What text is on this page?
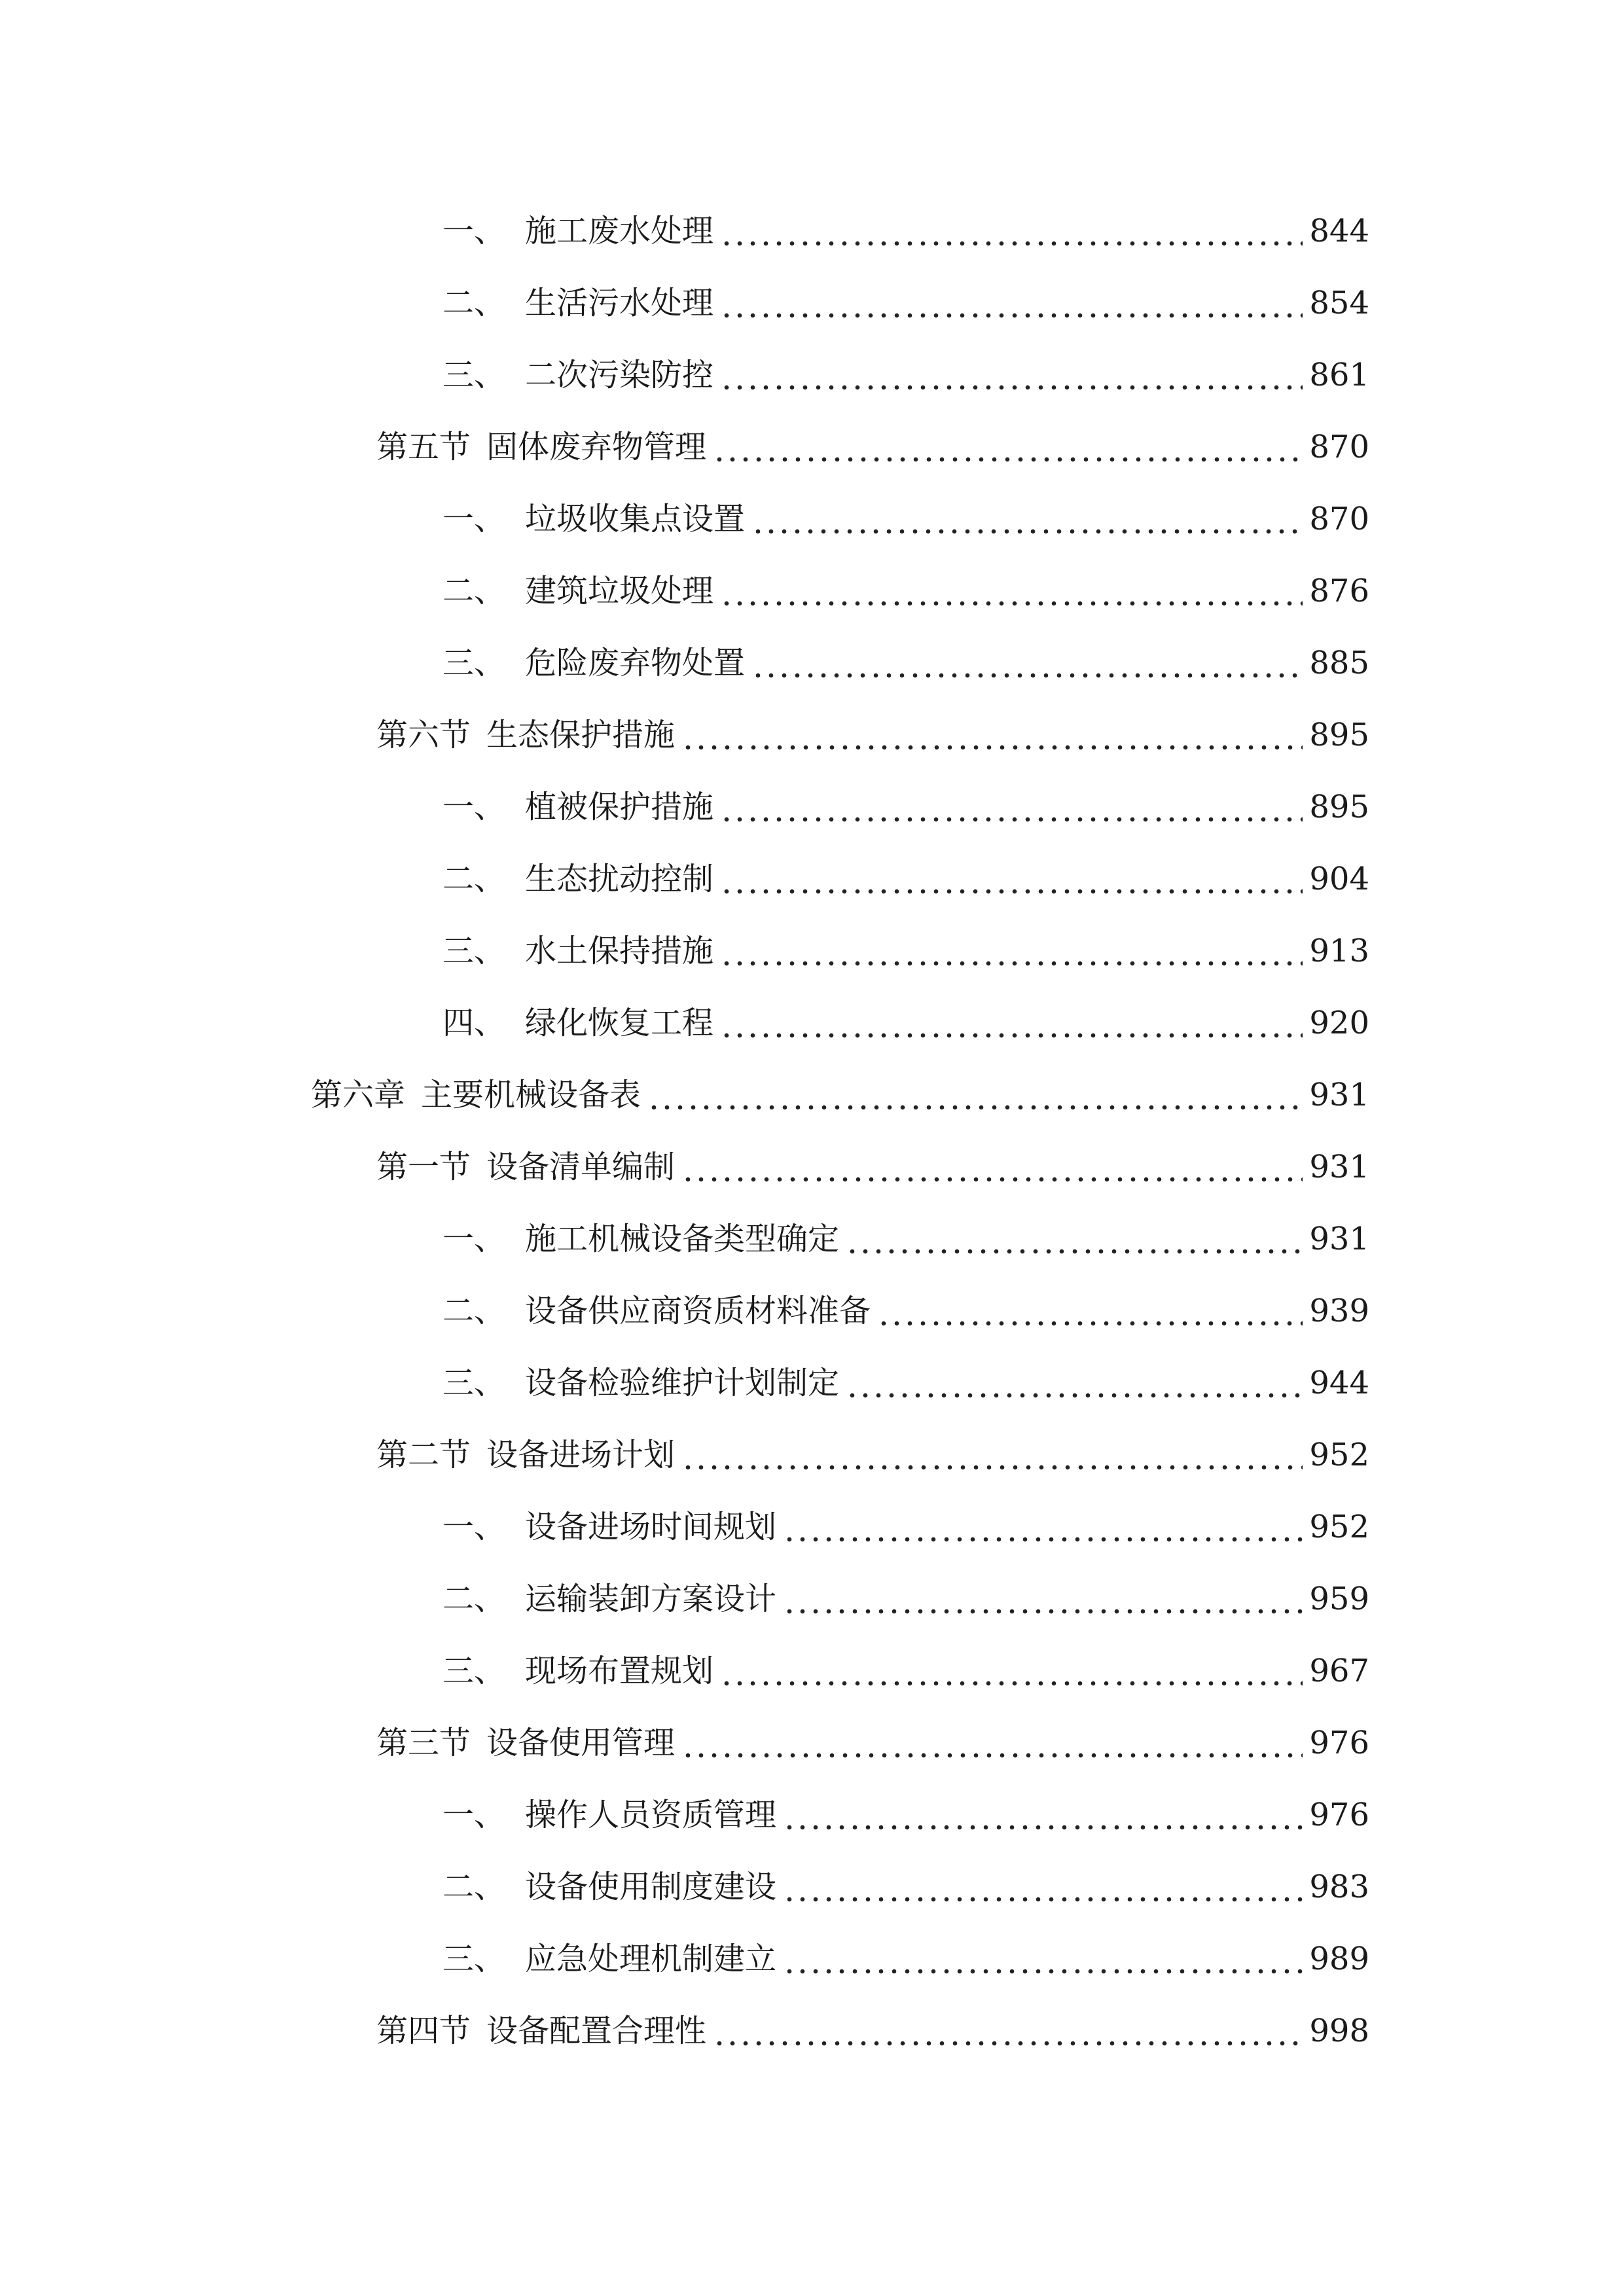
一、 施工废水处理	844
二、 生活污水处理	854
三、 二次污染防控	861
第五节 固体废弃物管理	870
一、 垃圾收集点设置	870
二、 建筑垃圾处理	876
三、 危险废弃物处置	885
第六节 生态保护措施	895
一、 植被保护措施	895
二、 生态扰动控制	904
三、 水土保持措施	913
四、 绿化恢复工程	920
第六章 主要机械设备表	931
第一节 设备清单编制	931
一、 施工机械设备类型确定	931
二、 设备供应商资质材料准备	939
三、 设备检验维护计划制定	944
第二节 设备进场计划	952
一、 设备进场时间规划	952
二、 运输装卸方案设计	959
三、 现场布置规划	967
第三节 设备使用管理	976
一、 操作人员资质管理	976
二、 设备使用制度建设	983
三、 应急处理机制建立	989
第四节 设备配置合理性	998
